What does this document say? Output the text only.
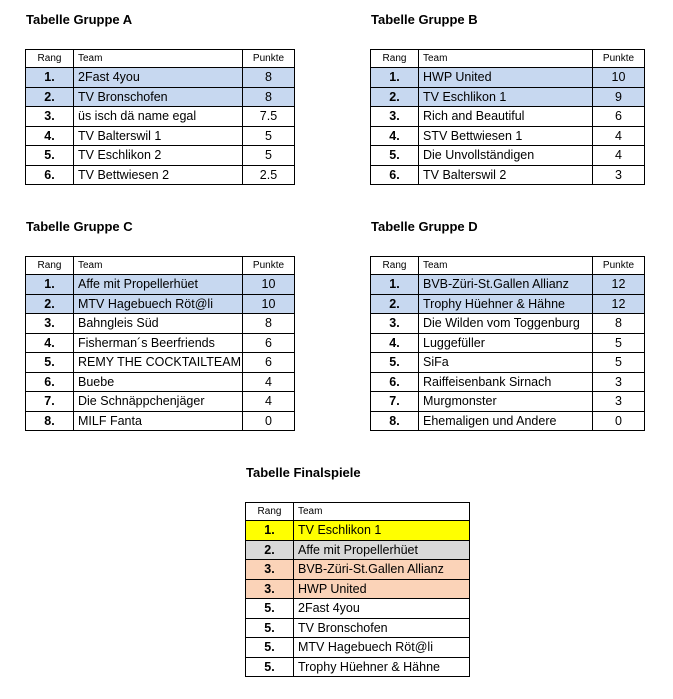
Tabelle Gruppe A
Rang	Team	Punkte
1.	2Fast 4you	8
2.	TV Bronschofen	8
3.	üs isch dä name egal	7.5
4.	TV Balterswil 1	5
5.	TV Eschlikon 2	5
6.	TV Bettwiesen 2	2.5
Tabelle Gruppe B
Rang	Team	Punkte
1.	HWP United	10
2.	TV Eschlikon 1	9
3.	Rich and Beautiful	6
4.	STV Bettwiesen 1	4
5.	Die Unvollständigen	4
6.	TV Balterswil 2	3
Tabelle Gruppe C
Rang	Team	Punkte
1.	Affe mit Propellerhüet	10
2.	MTV Hagebuech Röt@li	10
3.	Bahngleis Süd	8
4.	Fisherman´s Beerfriends	6
5.	REMY THE COCKTAILTEAM	6
6.	Buebe	4
7.	Die Schnäppchenjäger	4
8.	MILF Fanta	0
Tabelle Gruppe D
Rang	Team	Punkte
1.	BVB-Züri-St.Gallen Allianz	12
2.	Trophy Hüehner & Hähne	12
3.	Die Wilden vom Toggenburg	8
4.	Luggefüller	5
5.	SiFa	5
6.	Raiffeisenbank Sirnach	3
7.	Murgmonster	3
8.	Ehemaligen und Andere	0
Tabelle Finalspiele
Rang	Team
1.	TV Eschlikon 1
2.	Affe mit Propellerhüet
3.	BVB-Züri-St.Gallen Allianz
3.	HWP United
5.	2Fast 4you
5.	TV Bronschofen
5.	MTV Hagebuech Röt@li
5.	Trophy Hüehner & Hähne
